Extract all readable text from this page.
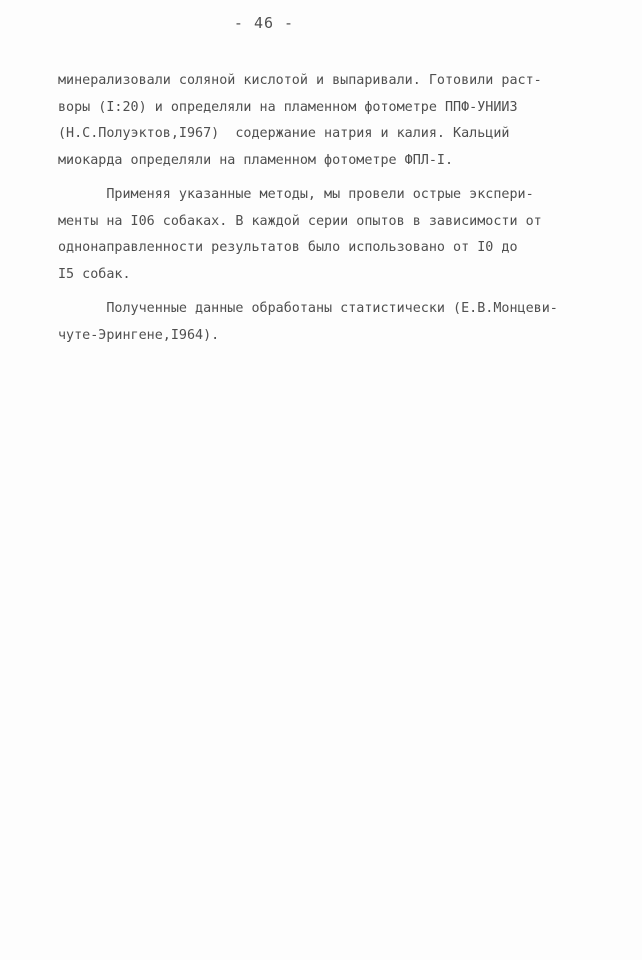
- 46 -
минерализовали соляной кислотой и выпаривали. Готовили раст-
воры (I:20) и определяли на пламенном фотометре ППФ-УНИИЗ
(Н.С.Полуэктов,I967)  содержание натрия и калия. Кальций
миокарда определяли на пламенном фотометре ФПЛ-I.
Применяя указанные методы, мы провели острые экспери-
менты на I06 собаках. В каждой серии опытов в зависимости от
однонаправленности результатов было использовано от I0 до
I5 собак.
Полученные данные обработаны статистически (Е.В.Монцеви-
чуте-Эрингене,I964).
